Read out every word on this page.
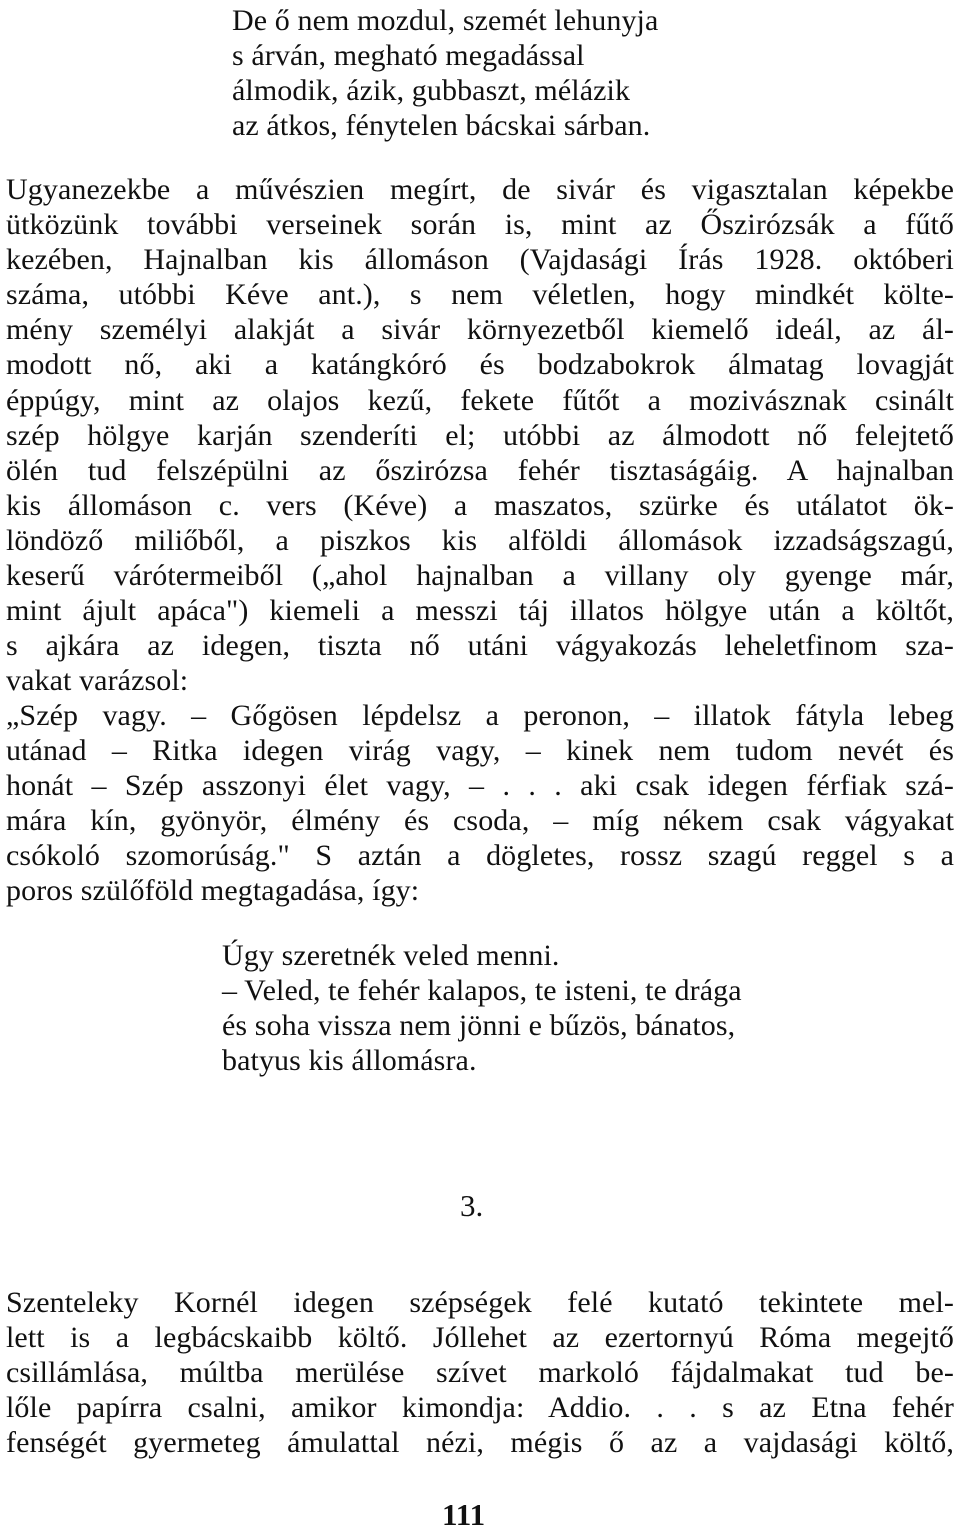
De ő nem mozdul, szemét lehunyja
s árván, megható megadással
álmodik, ázik, gubbaszt, mélázik
az átkos, fénytelen bácskai sárban.
Ugyanezekbe a művészien megírt, de sivár és vigasztalan képekbe
ütközünk további verseinek során is, mint az Őszirózsák a fűtő
kezében, Hajnalban kis állomáson (Vajdasági Írás 1928. októberi
száma, utóbbi Kéve ant.), s nem véletlen, hogy mindkét költe-
mény személyi alakját a sivár környezetből kiemelő ideál, az ál-
modott nő, aki a katángkóró és bodzabokrok álmatag lovagját
éppúgy, mint az olajos kezű, fekete fűtőt a mozivásznak csinált
szép hölgye karján szenderíti el; utóbbi az álmodott nő felejtető
ölén tud felszépülni az őszirózsa fehér tisztaságáig. A hajnalban
kis állomáson c. vers (Kéve) a maszatos, szürke és utálatot ök-
löndöző miliőből, a piszkos kis alföldi állomások izzadságszagú,
keserű várótermeiből („ahol hajnalban a villany oly gyenge már,
mint ájult apáca") kiemeli a messzi táj illatos hölgye után a költőt,
s ajkára az idegen, tiszta nő utáni vágyakozás leheletfinom sza-
vakat varázsol:
„Szép vagy. – Gőgösen lépdelsz a peronon, – illatok fátyla lebeg
utánad – Ritka idegen virág vagy, – kinek nem tudom nevét és
honát – Szép asszonyi élet vagy, – . . . aki csak idegen férfiak szá-
mára kín, gyönyör, élmény és csoda, – míg nékem csak vágyakat
csókoló szomorúság." S aztán a dögletes, rossz szagú reggel s a
poros szülőföld megtagadása, így:
Úgy szeretnék veled menni.
– Veled, te fehér kalapos, te isteni, te drága
és soha vissza nem jönni e bűzös, bánatos,
batyus kis állomásra.
3.
Szenteleky Kornél idegen szépségek felé kutató tekintete mel-
lett is a legbácskaibb költő. Jóllehet az ezertornyú Róma megejtő
csillámlása, múltba merülése szívet markoló fájdalmakat tud be-
lőle papírra csalni, amikor kimondja: Addio. . . s az Etna fehér
fenségét gyermeteg ámulattal nézi, mégis ő az a vajdasági költő,
111
